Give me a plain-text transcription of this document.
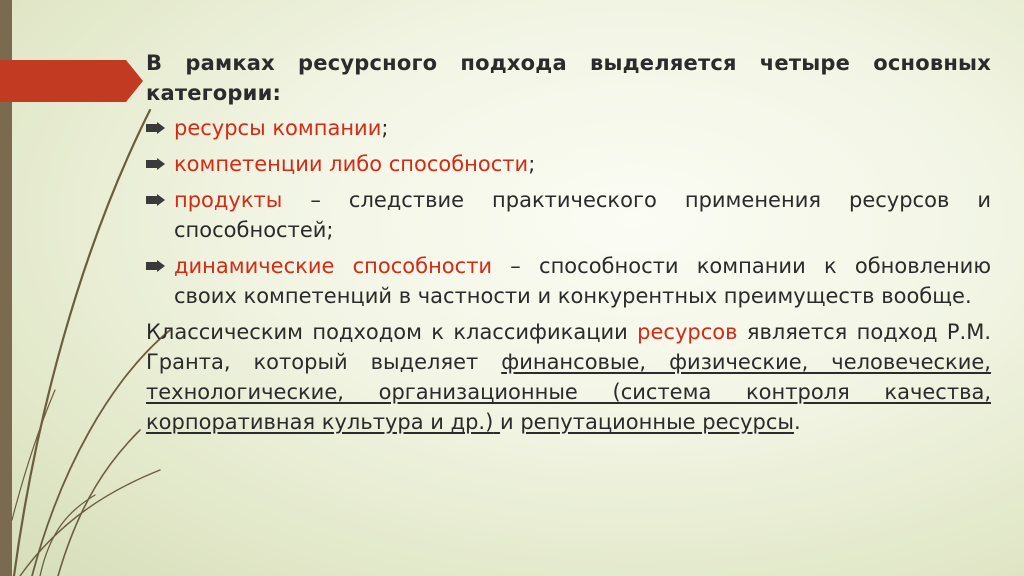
В рамках ресурсного подхода выделяется четыре основных категории:
ресурсы компании;
компетенции либо способности;
продукты – следствие практического применения ресурсов и способностей;
динамические способности – способности компании к обновлению своих компетенций в частности и конкурентных преимуществ вообще.
Классическим подходом к классификации ресурсов является подход Р.М. Гранта, который выделяет финансовые, физические, человеческие, технологические, организационные (система контроля качества, корпоративная культура и др.) и репутационные ресурсы.
